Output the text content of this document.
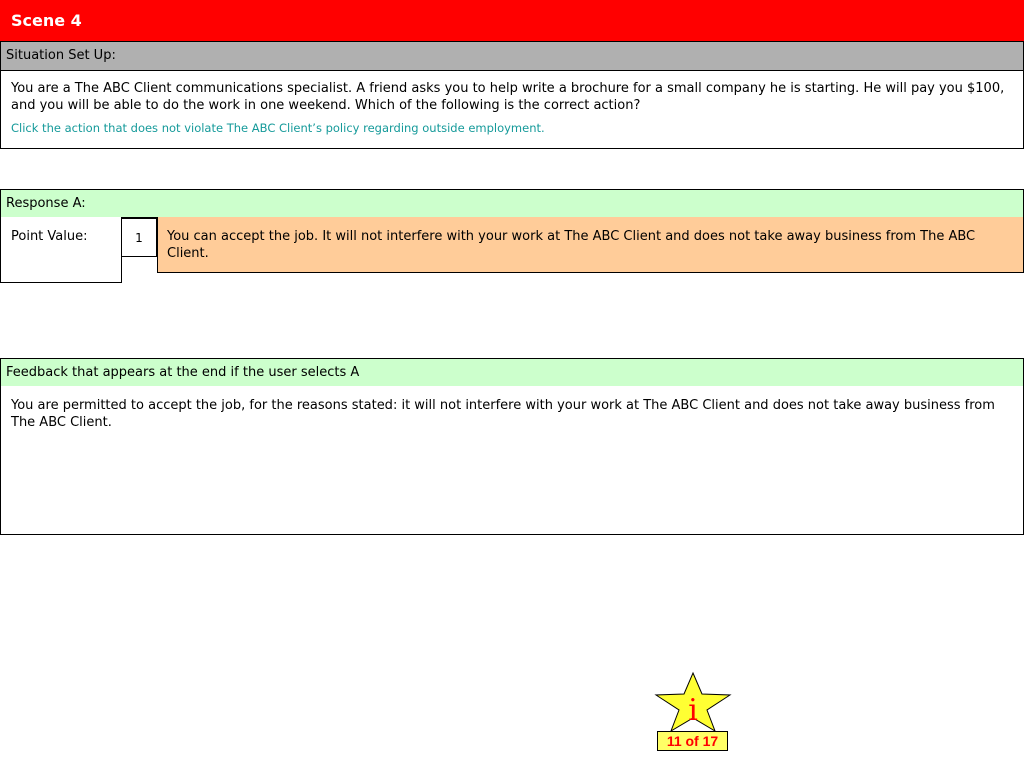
Scene 4
Situation Set Up:

You are a The ABC Client communications specialist. A friend asks you to help write a brochure for a small company he is starting. He will pay you $100, and you will be able to do the work in one weekend. Which of the following is the correct action?

Click the action that does not violate The ABC Client’s policy regarding outside employment.

Response A:
Point Value:	1	You can accept the job. It will not interfere with your work at The ABC Client and does not take away business from The ABC Client.
Feedback that appears at the end if the user selects A
You are permitted to accept the job, for the reasons stated: it will not interfere with your work at The ABC Client and does not take away business from The ABC Client.
i
11 of 17
